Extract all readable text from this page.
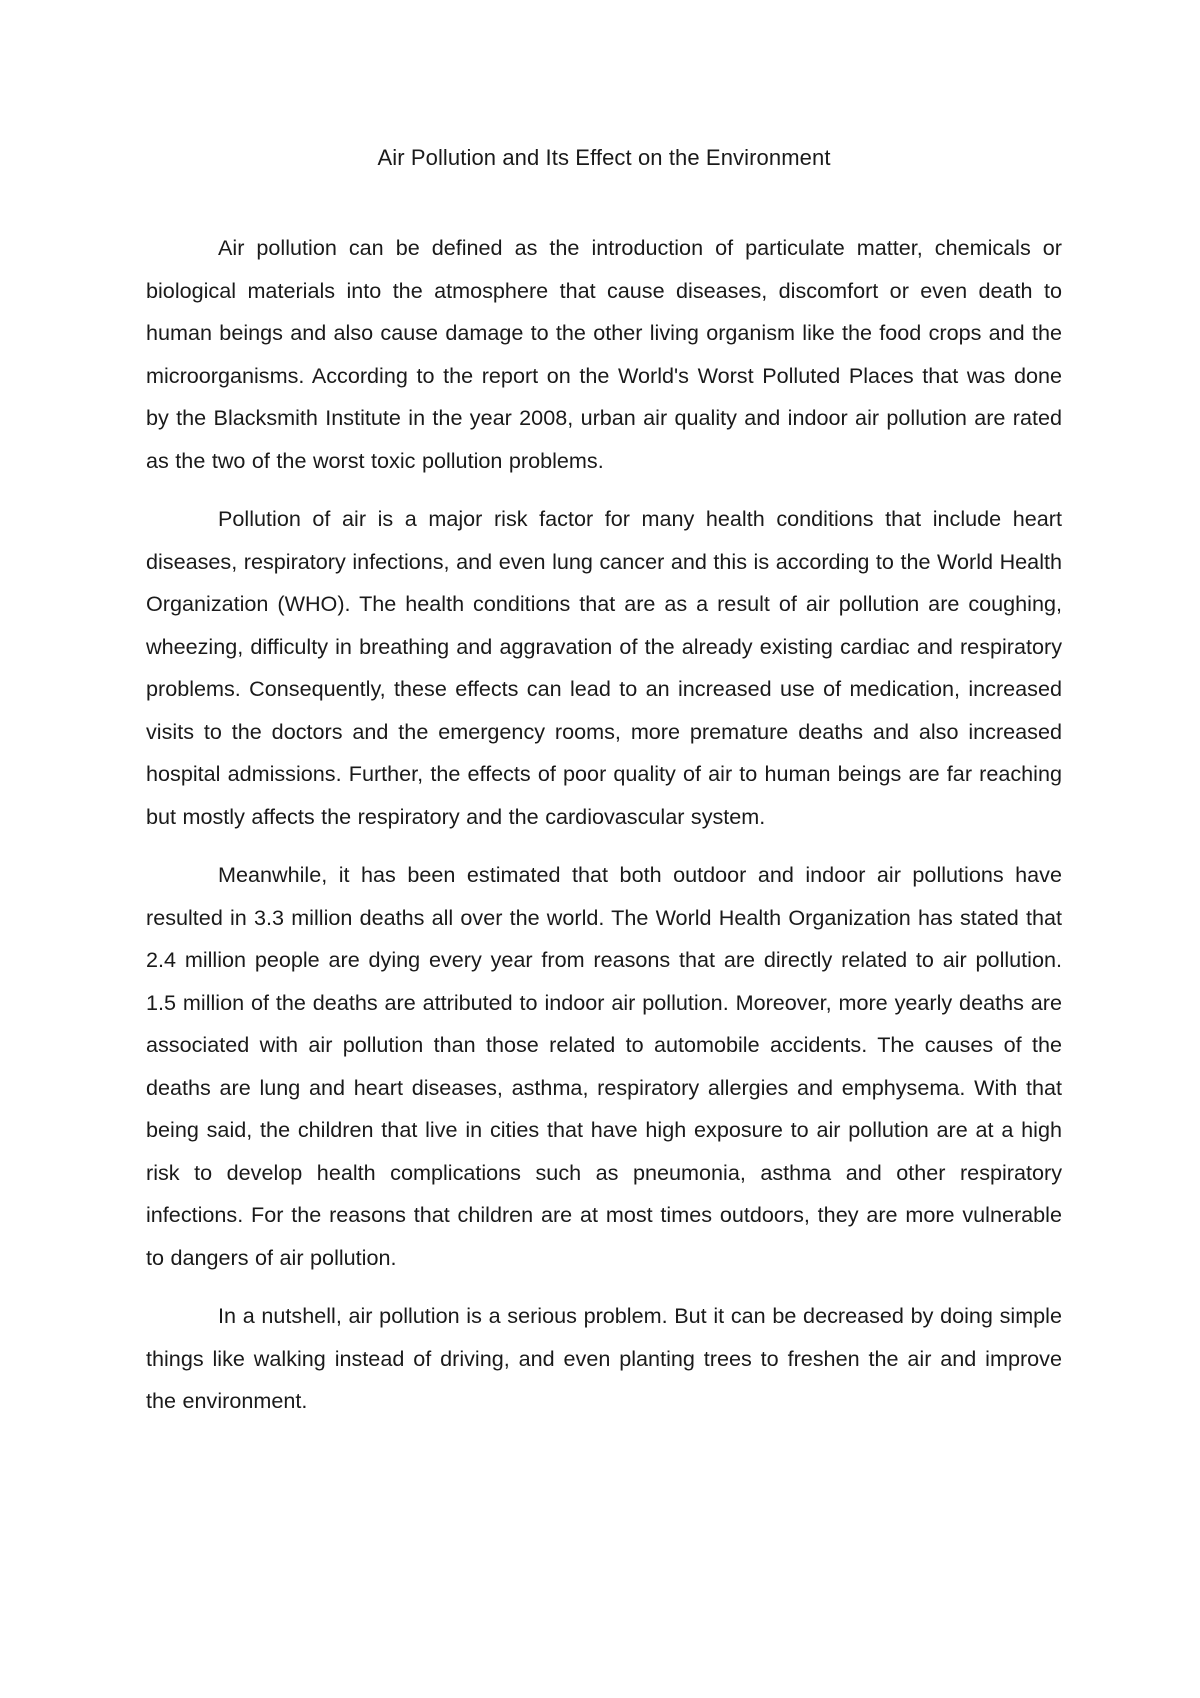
Air Pollution and Its Effect on the Environment

Air pollution can be defined as the introduction of particulate matter, chemicals or biological materials into the atmosphere that cause diseases, discomfort or even death to human beings and also cause damage to the other living organism like the food crops and the microorganisms. According to the report on the World's Worst Polluted Places that was done by the Blacksmith Institute in the year 2008, urban air quality and indoor air pollution are rated as the two of the worst toxic pollution problems.

Pollution of air is a major risk factor for many health conditions that include heart diseases, respiratory infections, and even lung cancer and this is according to the World Health Organization (WHO). The health conditions that are as a result of air pollution are coughing, wheezing, difficulty in breathing and aggravation of the already existing cardiac and respiratory problems. Consequently, these effects can lead to an increased use of medication, increased visits to the doctors and the emergency rooms, more premature deaths and also increased hospital admissions. Further, the effects of poor quality of air to human beings are far reaching but mostly affects the respiratory and the cardiovascular system.

Meanwhile, it has been estimated that both outdoor and indoor air pollutions have resulted in 3.3 million deaths all over the world. The World Health Organization has stated that 2.4 million people are dying every year from reasons that are directly related to air pollution. 1.5 million of the deaths are attributed to indoor air pollution. Moreover, more yearly deaths are associated with air pollution than those related to automobile accidents. The causes of the deaths are lung and heart diseases, asthma, respiratory allergies and emphysema. With that being said, the children that live in cities that have high exposure to air pollution are at a high risk to develop health complications such as pneumonia, asthma and other respiratory infections. For the reasons that children are at most times outdoors, they are more vulnerable to dangers of air pollution.

In a nutshell, air pollution is a serious problem. But it can be decreased by doing simple things like walking instead of driving, and even planting trees to freshen the air and improve the environment.
